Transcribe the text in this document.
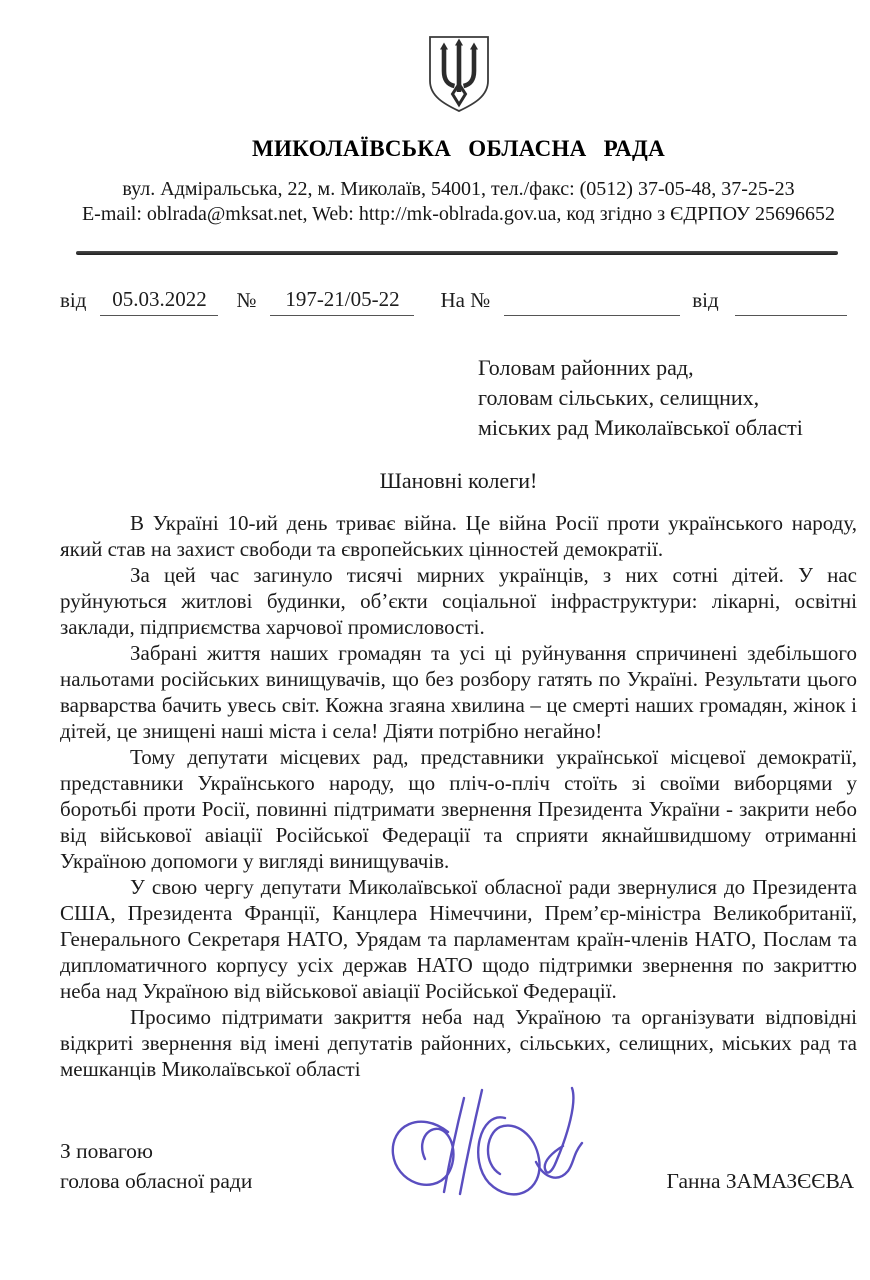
МИКОЛАЇВСЬКА ОБЛАСНА РАДА
вул. Адміральська, 22, м. Миколаїв, 54001, тел./факс: (0512) 37-05-48, 37-25-23
E-mail: oblrada@mksat.net, Web: http://mk-oblrada.gov.ua, код згідно з ЄДРПОУ 25696652
від	05.03.2022	№	197-21/05-22	На №	від
Головам районних рад,
головам сільських, селищних,
міських рад Миколаївської області
Шановні колеги!

В Україні 10-ий день триває війна. Це війна Росії проти українського народу, який став на захист свободи та європейських цінностей демократії.

За цей час загинуло тисячі мирних українців, з них сотні дітей. У нас руйнуються житлові будинки, об’єкти соціальної інфраструктури: лікарні, освітні заклади, підприємства харчової промисловості.

Забрані життя наших громадян та усі ці руйнування спричинені здебільшого нальотами російських винищувачів, що без розбору гатять по Україні. Результати цього варварства бачить увесь світ. Кожна згаяна хвилина – це смерті наших громадян, жінок і дітей, це знищені наші міста і села! Діяти потрібно негайно!

Тому депутати місцевих рад, представники української місцевої демократії, представники Українського народу, що пліч-о-пліч стоїть зі своїми виборцями у боротьбі проти Росії, повинні підтримати звернення Президента України - закрити небо від військової авіації Російської Федерації та сприяти якнайшвидшому отриманні Україною допомоги у вигляді винищувачів.

У свою чергу депутати Миколаївської обласної ради звернулися до Президента США, Президента Франції, Канцлера Німеччини, Прем’єр-міністра Великобританії, Генерального Секретаря НАТО, Урядам та парламентам країн-членів НАТО, Послам та дипломатичного корпусу усіх держав НАТО щодо підтримки звернення по закриттю неба над Україною від військової авіації Російської Федерації.

Просимо підтримати закриття неба над Україною та організувати відповідні відкриті звернення від імені депутатів районних, сільських, селищних, міських рад та мешканців Миколаївської області

З повагою
голова обласної ради	Ганна ЗАМАЗЄЄВА
